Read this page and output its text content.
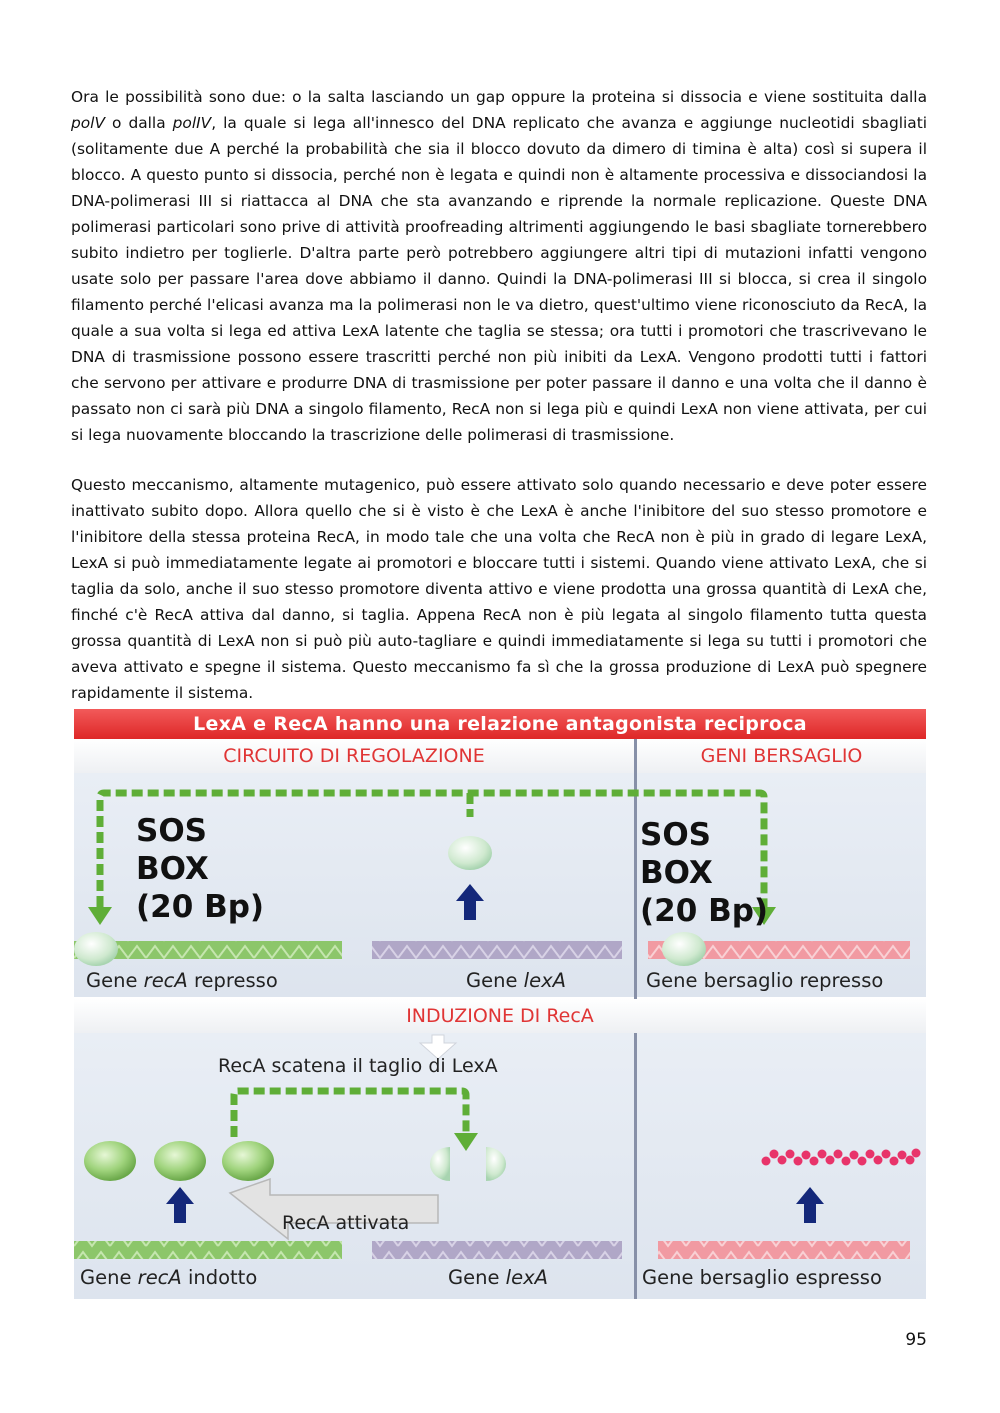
Ora le possibilità sono due: o la salta lasciando un gap oppure la proteina si dissocia e viene sostituita dalla polV o dalla polIV, la quale si lega all'innesco del DNA replicato che avanza e aggiunge nucleotidi sbagliati (solitamente due A perché la probabilità che sia il blocco dovuto da dimero di timina è alta) così si supera il blocco. A questo punto si dissocia, perché non è legata e quindi non è altamente processiva e dissociandosi la DNA-polimerasi III si riattacca al DNA che sta avanzando e riprende la normale replicazione. Queste DNA polimerasi particolari sono prive di attività proofreading altrimenti aggiungendo le basi sbagliate tornerebbero subito indietro per toglierle. D'altra parte però potrebbero aggiungere altri tipi di mutazioni infatti vengono usate solo per passare l'area dove abbiamo il danno. Quindi la DNA-polimerasi III si blocca, si crea il singolo filamento perché l'elicasi avanza ma la polimerasi non le va dietro, quest'ultimo viene riconosciuto da RecA, la quale a sua volta si lega ed attiva LexA latente che taglia se stessa; ora tutti i promotori che trascrivevano le DNA di trasmissione possono essere trascritti perché non più inibiti da LexA. Vengono prodotti tutti i fattori che servono per attivare e produrre DNA di trasmissione per poter passare il danno e una volta che il danno è passato non ci sarà più DNA a singolo filamento, RecA non si lega più e quindi LexA non viene attivata, per cui si lega nuovamente bloccando la trascrizione delle polimerasi di trasmissione.
Questo meccanismo, altamente mutagenico, può essere attivato solo quando necessario e deve poter essere inattivato subito dopo. Allora quello che si è visto è che LexA è anche l'inibitore del suo stesso promotore e l'inibitore della stessa proteina RecA, in modo tale che una volta che RecA non è più in grado di legare LexA, LexA si può immediatamente legate ai promotori e bloccare tutti i sistemi. Quando viene attivato LexA, che si taglia da solo, anche il suo stesso promotore diventa attivo e viene prodotta una grossa quantità di LexA che, finché c'è RecA attiva dal danno, si taglia. Appena RecA non è più legata al singolo filamento tutta questa grossa quantità di LexA non si può più auto-tagliare e quindi immediatamente si lega su tutti i promotori che aveva attivato e spegne il sistema. Questo meccanismo fa sì che la grossa produzione di LexA può spegnere rapidamente il sistema.
LexA e RecA hanno una relazione antagonista reciproca
CIRCUITO DI REGOLAZIONE	GENI BERSAGLIO
INDUZIONE DI RecA
SOS
BOX
(20 Bp)
SOS
BOX
(20 Bp)
Gene recA represso	Gene lexA	Gene bersaglio represso
RecA scatena il taglio di LexA
RecA attivata
Gene recA indotto	Gene lexA	Gene bersaglio espresso
95
